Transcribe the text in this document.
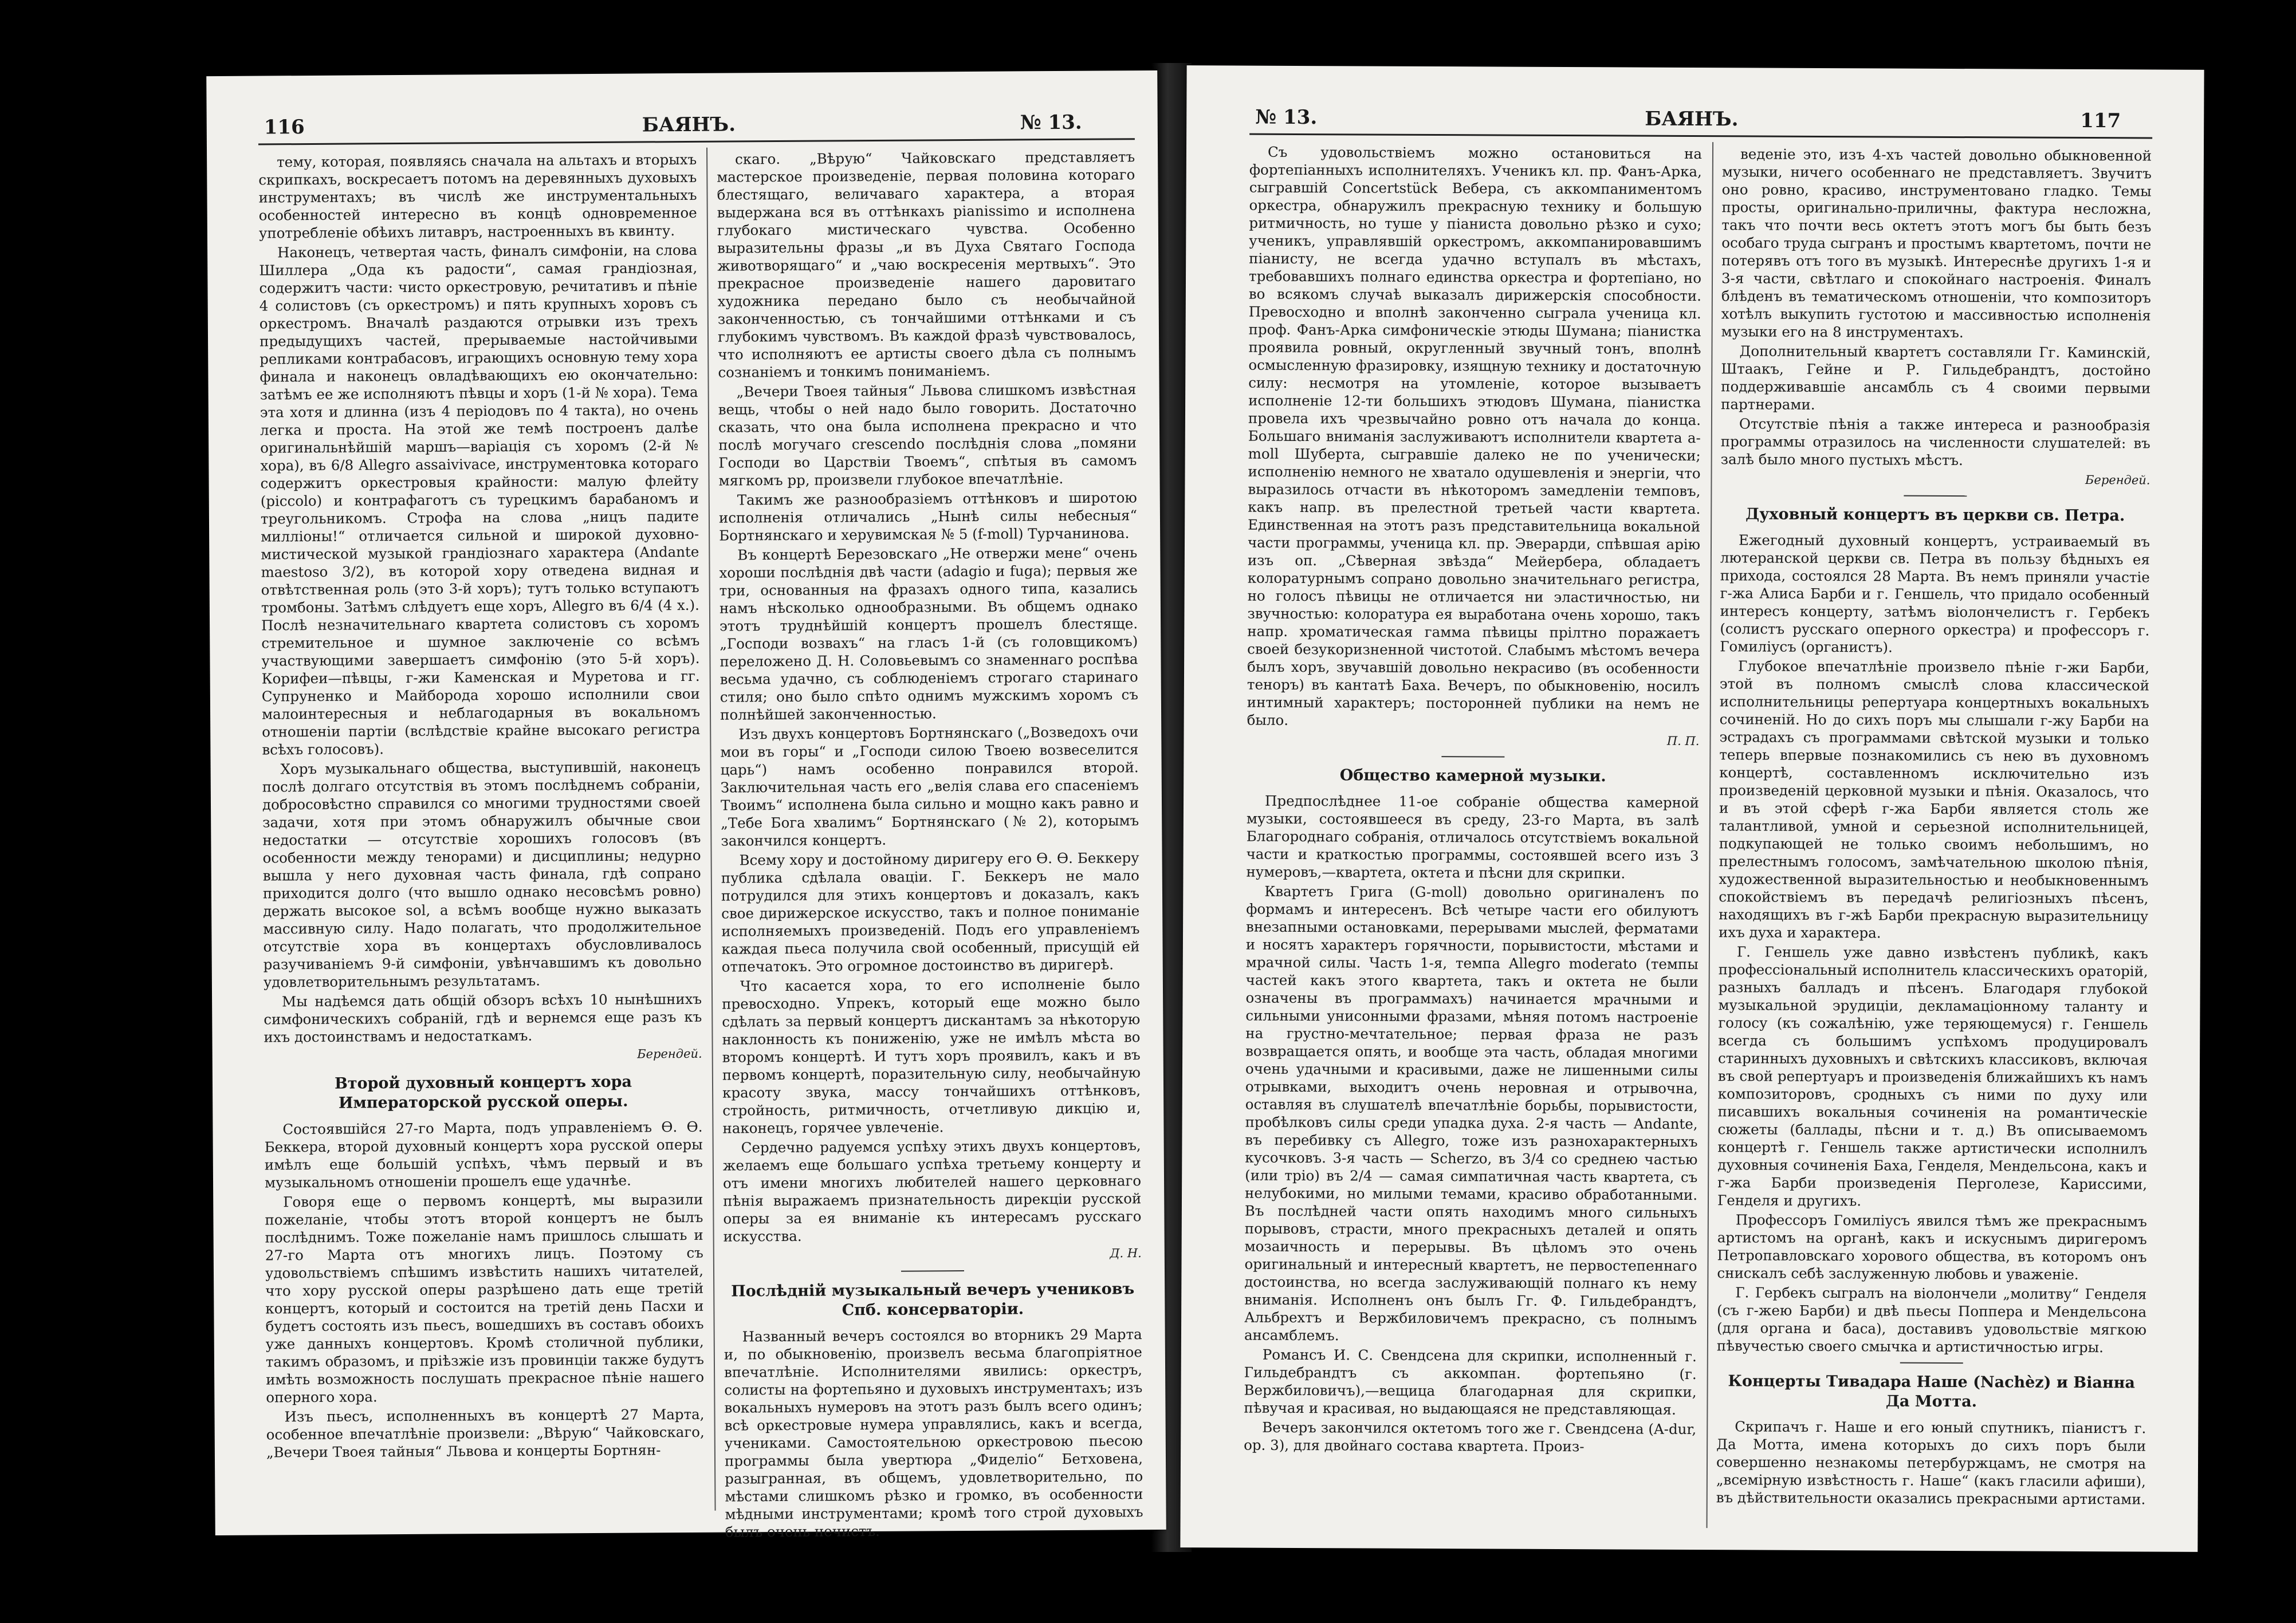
116	БАЯНЪ.	№ 13.

тему, которая, появляясь сначала на альтахъ и вторыхъ скрипкахъ, воскресаетъ потомъ на деревянныхъ духовыхъ инструментахъ; въ числѣ же инструментальныхъ особенностей интересно въ концѣ одновременное употребленіе обѣихъ литавръ, настроенныхъ въ квинту.

Наконецъ, четвертая часть, финалъ симфоніи, на слова Шиллера „Ода къ радости“, самая грандіозная, содержитъ части: чисто оркестровую, речитативъ и пѣніе 4 солистовъ (съ оркестромъ) и пять крупныхъ хоровъ съ оркестромъ. Вначалѣ раздаются отрывки изъ трехъ предыдущихъ частей, прерываемые настойчивыми репликами контрабасовъ, играющихъ основную тему хора финала и наконецъ овладѣвающихъ ею окончательно: затѣмъ ее же исполняютъ пѣвцы и хоръ (1-й № хора). Тема эта хотя и длинна (изъ 4 періодовъ по 4 такта), но очень легка и проста. На этой же темѣ построенъ далѣе оригинальнѣйшій маршъ—варіація съ хоромъ (2-й № хора), въ 6/8 Allegro assaivivace, инструментовка котораго содержитъ оркестровыя крайности: малую флейту (piccolo) и контрафаготъ съ турецкимъ барабаномъ и треугольникомъ. Строфа на слова „ницъ падите милліоны!“ отличается сильной и широкой духовно-мистической музыкой грандіознаго характера (Andante maestoso 3/2), въ которой хору отведена видная и отвѣтственная роль (это 3-й хоръ); тутъ только вступаютъ тромбоны. Затѣмъ слѣдуетъ еще хоръ, Allegro въ 6/4 (4 х.). Послѣ незначительнаго квартета солистовъ съ хоромъ стремительное и шумное заключеніе со всѣмъ участвующими завершаетъ симфонію (это 5-й хоръ). Корифеи—пѣвцы, г-жи Каменская и Муретова и гг. Супруненко и Майборода хорошо исполнили свои малоинтересныя и неблагодарныя въ вокальномъ отношеніи партіи (вслѣдствіе крайне высокаго регистра всѣхъ голосовъ).

Хоръ музыкальнаго общества, выступившій, наконецъ послѣ долгаго отсутствія въ этомъ послѣднемъ собраніи, добросовѣстно справился со многими трудностями своей задачи, хотя при этомъ обнаружилъ обычные свои недостатки — отсутствіе хорошихъ голосовъ (въ особенности между тенорами) и дисциплины; недурно вышла у него духовная часть финала, гдѣ сопрано приходится долго (что вышло однако несовсѣмъ ровно) держать высокое sol, а всѣмъ вообще нужно выказать массивную силу. Надо полагать, что продолжительное отсутствіе хора въ концертахъ обусловливалось разучиваніемъ 9-й симфоніи, увѣнчавшимъ къ довольно удовлетворительнымъ результатамъ.

Мы надѣемся дать общій обзоръ всѣхъ 10 нынѣшнихъ симфоническихъ собраній, гдѣ и вернемся еще разъ къ ихъ достоинствамъ и недостаткамъ.

Берендей.

Второй духовный концертъ хора Императорской русской оперы.

Состоявшійся 27-го Марта, подъ управленіемъ Ѳ. Ѳ. Беккера, второй духовный концертъ хора русской оперы имѣлъ еще большій успѣхъ, чѣмъ первый и въ музыкальномъ отношеніи прошелъ еще удачнѣе.

Говоря еще о первомъ концертѣ, мы выразили пожеланіе, чтобы этотъ второй концертъ не былъ послѣднимъ. Тоже пожеланіе намъ пришлось слышать и 27-го Марта отъ многихъ лицъ. Поэтому съ удовольствіемъ спѣшимъ извѣстить нашихъ читателей, что хору русской оперы разрѣшено дать еще третій концертъ, который и состоится на третій день Пасхи и будетъ состоять изъ пьесъ, вошедшихъ въ составъ обоихъ уже данныхъ концертовъ. Кромѣ столичной публики, такимъ образомъ, и пріѣзжіе изъ провинціи также будутъ имѣть возможность послушать прекрасное пѣніе нашего оперного хора.

Изъ пьесъ, исполненныхъ въ концертѣ 27 Марта, особенное впечатлѣніе произвели: „Вѣрую“ Чайковскаго, „Вечери Твоея тайныя“ Львова и концерты Бортнян-

скаго. „Вѣрую“ Чайковскаго представляетъ мастерское произведеніе, первая половина котораго блестящаго, величаваго характера, а вторая выдержана вся въ оттѣнкахъ pianissimo и исполнена глубокаго мистическаго чувства. Особенно выразительны фразы „и въ Духа Святаго Господа животворящаго“ и „чаю воскресенія мертвыхъ“. Это прекрасное произведеніе нашего даровитаго художника передано было съ необычайной законченностью, съ тончайшими оттѣнками и съ глубокимъ чувствомъ. Въ каждой фразѣ чувствовалось, что исполняютъ ее артисты своего дѣла съ полнымъ сознаніемъ и тонкимъ пониманіемъ.

„Вечери Твоея тайныя“ Львова слишкомъ извѣстная вещь, чтобы о ней надо было говорить. Достаточно сказать, что она была исполнена прекрасно и что послѣ могучаго crescendo послѣднія слова „помяни Господи во Царствіи Твоемъ“, спѣтыя въ самомъ мягкомъ pp, произвели глубокое впечатлѣніе.

Такимъ же разнообразіемъ оттѣнковъ и широтою исполненія отличались „Нынѣ силы небесныя“ Бортнянскаго и херувимская № 5 (f-moll) Турчанинова.

Въ концертѣ Березовскаго „Не отвержи мене“ очень хороши послѣднія двѣ части (adagio и fuga); первыя же три, основанныя на фразахъ одного типа, казались намъ нѣсколько однообразными. Въ общемъ однако этотъ труднѣйшій концертъ прошелъ блестяще. „Господи возвахъ“ на гласъ 1-й (съ головщикомъ) переложено Д. Н. Соловьевымъ со знаменнаго роспѣва весьма удачно, съ соблюденіемъ строгаго старинаго стиля; оно было спѣто однимъ мужскимъ хоромъ съ полнѣйшей законченностью.

Изъ двухъ концертовъ Бортнянскаго („Возведохъ очи мои въ горы“ и „Господи силою Твоею возвеселится царь“) намъ особенно понравился второй. Заключительная часть его „велія слава его спасеніемъ Твоимъ“ исполнена была сильно и мощно какъ равно и „Тебе Бога хвалимъ“ Бортнянскаго (№ 2), которымъ закончился концертъ.

Всему хору и достойному диригеру его Ѳ. Ѳ. Беккеру публика сдѣлала оваціи. Г. Беккеръ не мало потрудился для этихъ концертовъ и доказалъ, какъ свое дирижерское искусство, такъ и полное пониманіе исполняемыхъ произведеній. Подъ его управленіемъ каждая пьеса получила свой особенный, присущій ей отпечатокъ. Это огромное достоинство въ диригерѣ.

Что касается хора, то его исполненіе было превосходно. Упрекъ, который еще можно было сдѣлать за первый концертъ дискантамъ за нѣкоторую наклонность къ пониженію, уже не имѣлъ мѣста во второмъ концертѣ. И тутъ хоръ проявилъ, какъ и въ первомъ концертѣ, поразительную силу, необычайную красоту звука, массу тончайшихъ оттѣнковъ, стройность, ритмичность, отчетливую дикцію и, наконецъ, горячее увлеченіе.

Сердечно радуемся успѣху этихъ двухъ концертовъ, желаемъ еще большаго успѣха третьему концерту и отъ имени многихъ любителей нашего церковнаго пѣнія выражаемъ признательность дирекціи русской оперы за ея вниманіе къ интересамъ русскаго искусства.

Д. Н.

Послѣдній музыкальный вечеръ учениковъ Спб. консерваторіи.

Названный вечеръ состоялся во вторникъ 29 Марта и, по обыкновенію, произвелъ весьма благопріятное впечатлѣніе. Исполнителями явились: оркестръ, солисты на фортепьяно и духовыхъ инструментахъ; изъ вокальныхъ нумеровъ на этотъ разъ былъ всего одинъ; всѣ оркестровые нумера управлялись, какъ и всегда, учениками. Самостоятельною оркестровою пьесою программы была увертюра „Фиделіо“ Бетховена, разыгранная, въ общемъ, удовлетворительно, по мѣстами слишкомъ рѣзко и громко, въ особенности мѣдными инструментами; кромѣ того строй духовыхъ былъ очень нечистъ.

№ 13.	БАЯНЪ.	117

Съ удовольствіемъ можно остановиться на фортепіанныхъ исполнителяхъ. Ученикъ кл. пр. Фанъ-Арка, сыгравшій Concertstück Вебера, съ аккомпаниментомъ оркестра, обнаружилъ прекрасную технику и большую ритмичность, но туше у піаниста довольно рѣзко и сухо; ученикъ, управлявшій оркестромъ, аккомпанировавшимъ піанисту, не всегда удачно вступалъ въ мѣстахъ, требовавшихъ полнаго единства оркестра и фортепіано, но во всякомъ случаѣ выказалъ дирижерскія способности. Превосходно и вполнѣ законченно сыграла ученица кл. проф. Фанъ-Арка симфоническіе этюды Шумана; піанистка проявила ровный, округленный звучный тонъ, вполнѣ осмысленную фразировку, изящную технику и достаточную силу: несмотря на утомленіе, которое вызываетъ исполненіе 12-ти большихъ этюдовъ Шумана, піанистка провела ихъ чрезвычайно ровно отъ начала до конца. Большаго вниманія заслуживаютъ исполнители квартета a-moll Шуберта, сыгравшіе далеко не по ученически; исполненію немного не хватало одушевленія и энергіи, что выразилось отчасти въ нѣкоторомъ замедленіи темповъ, какъ напр. въ прелестной третьей части квартета. Единственная на этотъ разъ представительница вокальной части программы, ученица кл. пр. Эверарди, спѣвшая арію изъ оп. „Сѣверная звѣзда“ Мейербера, обладаетъ колоратурнымъ сопрано довольно значительнаго регистра, но голосъ пѣвицы не отличается ни эластичностью, ни звучностью: колоратура ея выработана очень хорошо, такъ напр. хроматическая гамма пѣвицы прілтно поражаетъ своей безукоризненной чистотой. Слабымъ мѣстомъ вечера былъ хоръ, звучавшій довольно некрасиво (въ особенности теноръ) въ кантатѣ Баха. Вечеръ, по обыкновенію, носилъ интимный характеръ; посторонней публики на немъ не было.

П. П.

Общество камерной музыки.

Предпослѣднее 11-ое собраніе общества камерной музыки, состоявшееся въ среду, 23-го Марта, въ залѣ Благороднаго собранія, отличалось отсутствіемъ вокальной части и краткостью программы, состоявшей всего изъ 3 нумеровъ,—квартета, октета и пѣсни для скрипки.

Квартетъ Грига (G-moll) довольно оригиналенъ по формамъ и интересенъ. Всѣ четыре части его обилуютъ внезапными остановками, перерывами мыслей, ферматами и носятъ характеръ горячности, порывистости, мѣстами и мрачной силы. Часть 1-я, темпа Allegro moderato (темпы частей какъ этого квартета, такъ и октета не были означены въ программахъ) начинается мрачными и сильными унисонными фразами, мѣняя потомъ настроеніе на грустно-мечтательное; первая фраза не разъ возвращается опять, и вообще эта часть, обладая многими очень удачными и красивыми, даже не лишенными силы отрывками, выходитъ очень неровная и отрывочна, оставляя въ слушателѣ впечатлѣніе борьбы, порывистости, пробѣлковъ силы среди упадка духа. 2-я часть — Andante, въ перебивку съ Allegro, тоже изъ разнохарактерныхъ кусочковъ. 3-я часть — Scherzo, въ 3/4 со среднею частью (или тріо) въ 2/4 — самая симпатичная часть квартета, съ нелубокими, но милыми темами, красиво обработанными. Въ послѣдней части опять находимъ много сильныхъ порывовъ, страсти, много прекрасныхъ деталей и опять мозаичность и перерывы. Въ цѣломъ это очень оригинальный и интересный квартетъ, не первостепеннаго достоинства, но всегда заслуживающій полнаго къ нему вниманія. Исполненъ онъ былъ Гг. Ф. Гильдебрандтъ, Альбрехтъ и Вержбиловичемъ прекрасно, съ полнымъ ансамблемъ.

Романсъ И. С. Свендсена для скрипки, исполненный г. Гильдебрандтъ съ аккомпан. фортепьяно (г. Вержбиловичъ),—вещица благодарная для скрипки, пѣвучая и красивая, но выдающаяся не представляющая.

Вечеръ закончился октетомъ того же г. Свендсена (A-dur, op. 3), для двойнаго состава квартета. Произ-

веденіе это, изъ 4-хъ частей довольно обыкновенной музыки, ничего особеннаго не представляетъ. Звучитъ оно ровно, красиво, инструментовано гладко. Темы просты, оригинально-приличны, фактура несложна, такъ что почти весь октетъ этотъ могъ бы быть безъ особаго труда сыгранъ и простымъ квартетомъ, почти не потерявъ отъ того въ музыкѣ. Интереснѣе другихъ 1-я и 3-я части, свѣтлаго и спокойнаго настроенія. Финалъ блѣденъ въ тематическомъ отношеніи, что композиторъ хотѣлъ выкупить густотою и массивностью исполненія музыки его на 8 инструментахъ.

Дополнительный квартетъ составляли Гг. Каминскій, Штаакъ, Гейне и Р. Гильдебрандтъ, достойно поддерживавшіе ансамбль съ 4 своими первыми партнерами.

Отсутствіе пѣнія а также интереса и разнообразія программы отразилось на численности слушателей: въ залѣ было много пустыхъ мѣстъ.

Берендей.

Духовный концертъ въ церкви св. Петра.

Ежегодный духовный концертъ, устраиваемый въ лютеранской церкви св. Петра въ пользу бѣдныхъ ея прихода, состоялся 28 Марта. Въ немъ приняли участіе г-жа Алиса Барби и г. Геншель, что придало особенный интересъ концерту, затѣмъ віолончелистъ г. Гербекъ (солистъ русскаго оперного оркестра) и профессоръ г. Гомилiусъ (органистъ).

Глубокое впечатлѣніе произвело пѣніе г-жи Барби, этой въ полномъ смыслѣ слова классической исполнительницы репертуара концертныхъ вокальныхъ сочиненій. Но до сихъ поръ мы слышали г-жу Барби на эстрадахъ съ программами свѣтской музыки и только теперь впервые познакомились съ нею въ духовномъ концертѣ, составленномъ исключительно изъ произведеній церковной музыки и пѣнія. Оказалось, что и въ этой сферѣ г-жа Барби является столь же талантливой, умной и серьезной исполнительницей, подкупающей не только своимъ небольшимъ, но прелестнымъ голосомъ, замѣчательною школою пѣнія, художественной выразительностью и необыкновеннымъ спокойствіемъ въ передачѣ религіозныхъ пѣсенъ, находящихъ въ г-жѣ Барби прекрасную выразительницу ихъ духа и характера.

Г. Геншель уже давно извѣстенъ публикѣ, какъ профессіональный исполнитель классическихъ ораторій, разныхъ балладъ и пѣсенъ. Благодаря глубокой музыкальной эрудиціи, декламаціонному таланту и голосу (къ сожалѣнію, уже теряющемуся) г. Геншель всегда съ большимъ успѣхомъ продуцировалъ старинныхъ духовныхъ и свѣтскихъ классиковъ, включая въ свой репертуаръ и произведенія ближайшихъ къ намъ композиторовъ, сродныхъ съ ними по духу или писавшихъ вокальныя сочиненія на романтическіе сюжеты (баллады, пѣсни и т. д.) Въ описываемомъ концертѣ г. Геншель также артистически исполнилъ духовныя сочиненія Баха, Генделя, Мендельсона, какъ и г-жа Барби произведенія Перголезе, Кариссими, Генделя и другихъ.

Профессоръ Гомиліусъ явился тѣмъ же прекраснымъ артистомъ на органѣ, какъ и искуснымъ диригеромъ Петропавловскаго хорового общества, въ которомъ онъ снискалъ себѣ заслуженную любовь и уваженіе.

Г. Гербекъ сыгралъ на віолончели „молитву“ Генделя (съ г-жею Барби) и двѣ пьесы Поппера и Мендельсона (для органа и баса), доставивъ удовольствіе мягкою пѣвучестью своего смычка и артистичностью игры.

Концерты Тивадара Наше (Nachèz) и Віанна Да Мотта.

Скрипачъ г. Наше и его юный спутникъ, піанистъ г. Да Мотта, имена которыхъ до сихъ поръ были совершенно незнакомы петербуржцамъ, не смотря на „всемірную извѣстность г. Наше“ (какъ гласили афиши), въ дѣйствительности оказались прекрасными артистами.
